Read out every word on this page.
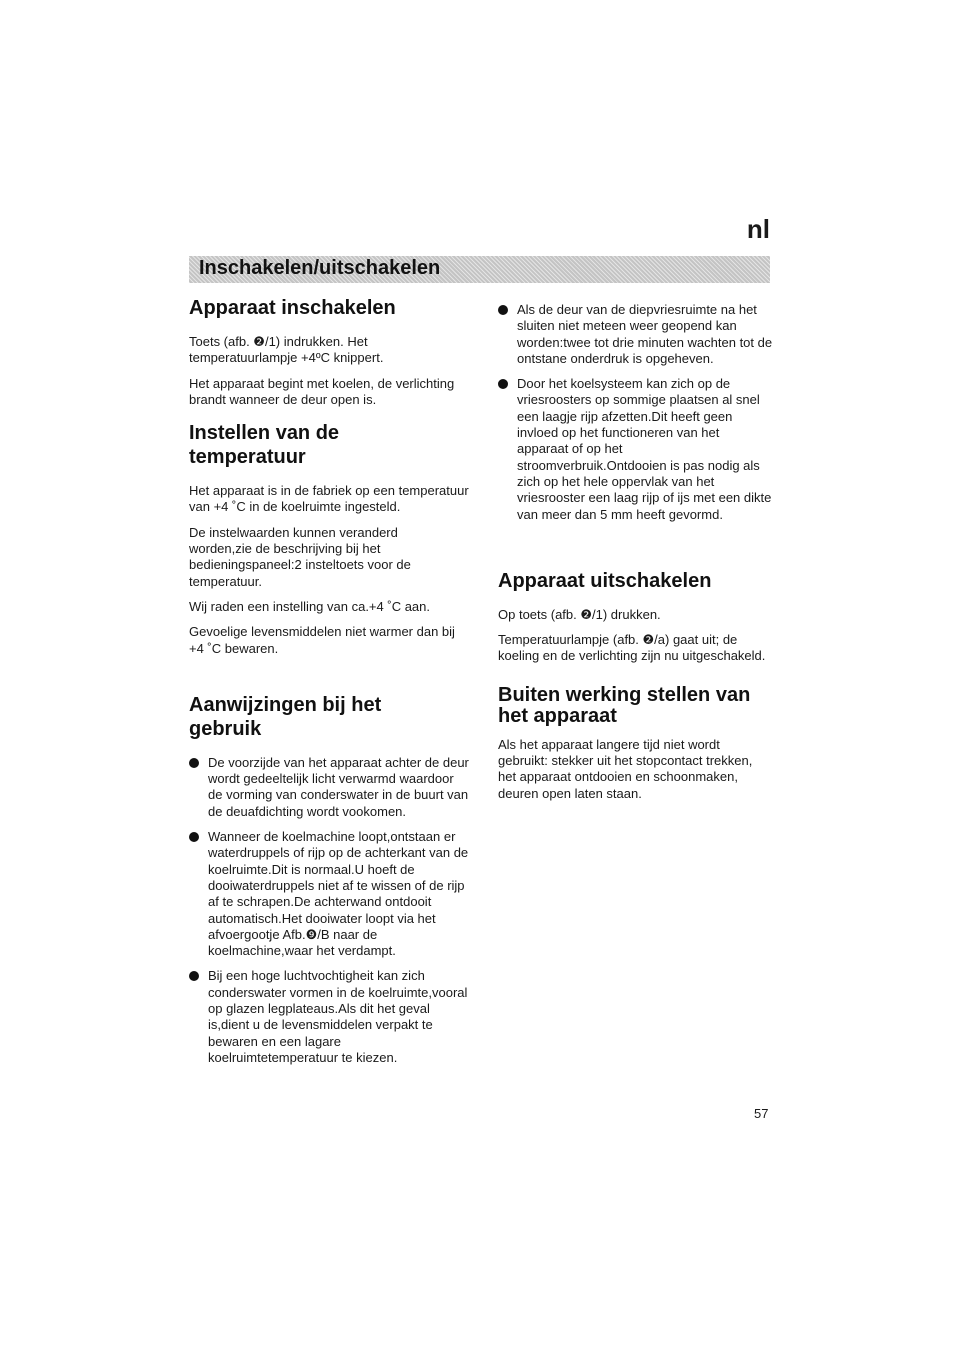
nl
Inschakelen/uitschakelen
Apparaat inschakelen

Toets (afb. ❷/1) indrukken. Het temperatuurlampje +4ºC knippert.

Het apparaat begint met koelen, de verlichting brandt wanneer de deur open is.

Instellen van de temperatuur

Het apparaat is in de fabriek op een temperatuur van +4 ˚C in de koelruimte ingesteld.

De instelwaarden kunnen veranderd worden,zie de beschrijving bij het bedieningspaneel:2 insteltoets voor de temperatuur.

Wij raden een instelling van ca.+4 ˚C aan.

Gevoelige levensmiddelen niet warmer dan bij +4 ˚C bewaren.

Aanwijzingen bij het gebruik
De voorzijde van het apparaat achter de deur wordt gedeeltelijk licht verwarmd waardoor de vorming van conderswater in de buurt van de deuafdichting wordt vookomen.
Wanneer de koelmachine loopt,ontstaan er waterdruppels of rijp op de achterkant van de koelruimte.Dit is normaal.U hoeft de dooiwaterdruppels niet af te wissen of de rijp af te schrapen.De achterwand ontdooit automatisch.Het dooiwater loopt via het afvoergootje Afb.❾/B naar de koelmachine,waar het verdampt.
Bij een hoge luchtvochtigheit kan zich conderswater vormen in de koelruimte,vooral op glazen legplateaus.Als dit het geval is,dient u de levensmiddelen verpakt te bewaren en een lagare koelruimtetemperatuur te kiezen.
Als de deur van de diepvriesruimte na het sluiten niet meteen weer geopend kan worden:twee tot drie minuten wachten tot de ontstane onderdruk is opgeheven.
Door het koelsysteem kan zich op de vriesroosters op sommige plaatsen al snel een laagje rijp afzetten.Dit heeft geen invloed op het functioneren van het apparaat of op het stroomverbruik.Ontdooien is pas nodig als zich op het hele oppervlak van het vriesrooster een laag rijp of ijs met een dikte van meer dan 5 mm heeft gevormd.
Apparaat uitschakelen

Op toets (afb. ❷/1) drukken.

Temperatuurlampje (afb. ❷/a) gaat uit; de koeling en de verlichting zijn nu uitgeschakeld.

Buiten werking stellen van het apparaat

Als het apparaat langere tijd niet wordt gebruikt: stekker uit het stopcontact trekken, het apparaat ontdooien en schoonmaken, deuren open laten staan.

57
